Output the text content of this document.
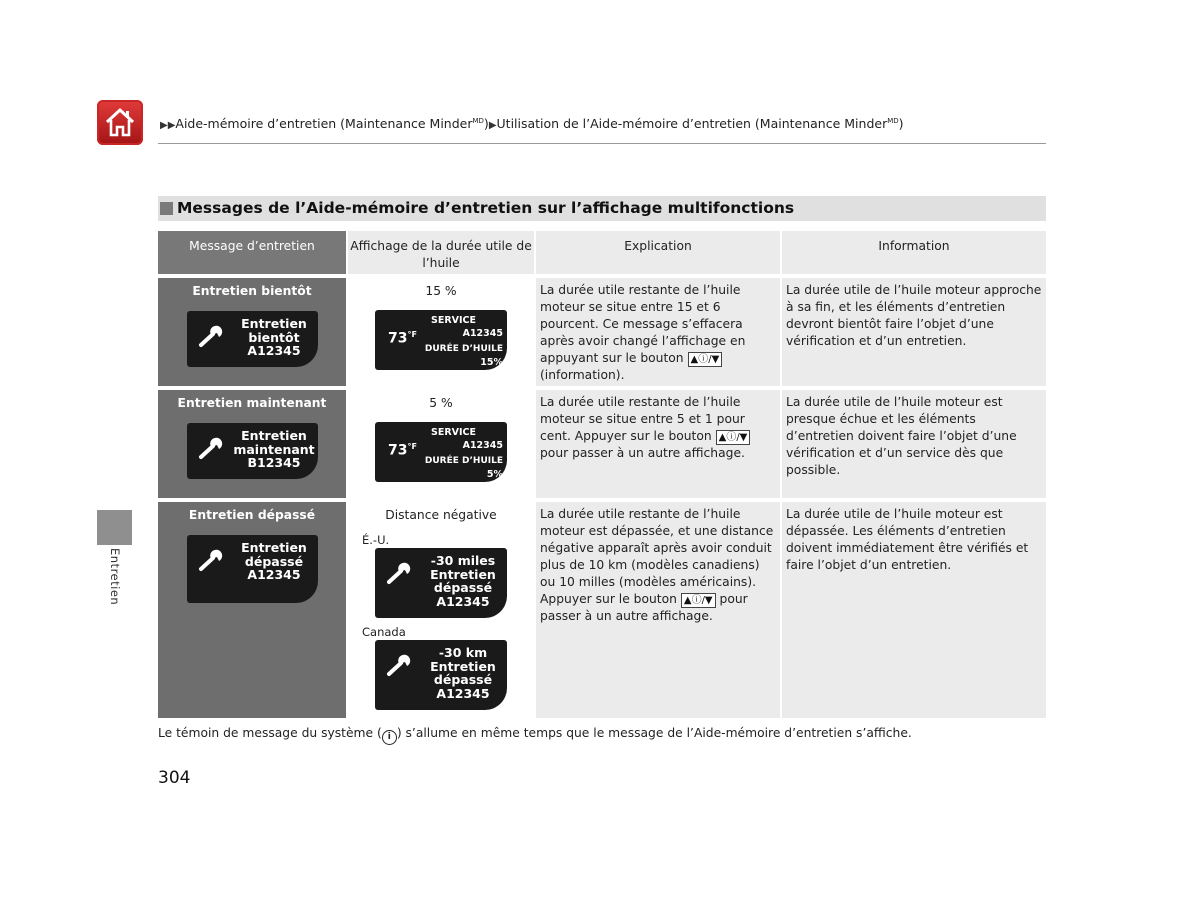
▶▶Aide-mémoire d’entretien (Maintenance Minder$^{MD}$)▶Utilisation de l’Aide-mémoire d’entretien (Maintenance Minder$^{MD}$)
Messages de l’Aide-mémoire d’entretien sur l’affichage multifonctions
Message d’entretien	Affichage de la durée utile de l’huile
Explication	Information
Entretien bientôt
Entretien
bientôt
A12345
15 %
$73^{^\circ F}$
SERVICE
A12345
DURÉE D’HUILE
15%
La durée utile restante de l’huile moteur se situe entre 15 et 6 pourcent. Ce message s’effacera après avoir changé l’affichage en appuyant sur le bouton ▲ⓘ/▼ (information).
La durée utile de l’huile moteur approche à sa fin, et les éléments d’entretien devront bientôt faire l’objet d’une vérification et d’un entretien.
Entretien maintenant
Entretien
maintenant
B12345
5 %
$73^{^\circ F}$
SERVICE
A12345
DURÉE D’HUILE
5%
La durée utile restante de l’huile moteur se situe entre 5 et 1 pour cent. Appuyer sur le bouton ▲ⓘ/▼ pour passer à un autre affichage.
La durée utile de l’huile moteur est presque échue et les éléments d’entretien doivent faire l’objet d’une vérification et d’un service dès que possible.
Entretien dépassé
Entretien
dépassé
A12345
Distance négative
É.-U.
-30 miles
Entretien
dépassé
A12345
Canada
-30 km
Entretien
dépassé
A12345
La durée utile restante de l’huile moteur est dépassée, et une distance négative apparaît après avoir conduit plus de 10 km (modèles canadiens) ou 10 milles (modèles américains). Appuyer sur le bouton ▲ⓘ/▼ pour passer à un autre affichage.
La durée utile de l’huile moteur est dépassée. Les éléments d’entretien doivent immédiatement être vérifiés et faire l’objet d’un entretien.
Le témoin de message du système ( i ) s’allume en même temps que le message de l’Aide-mémoire d’entretien s’affiche.
Entretien
304
